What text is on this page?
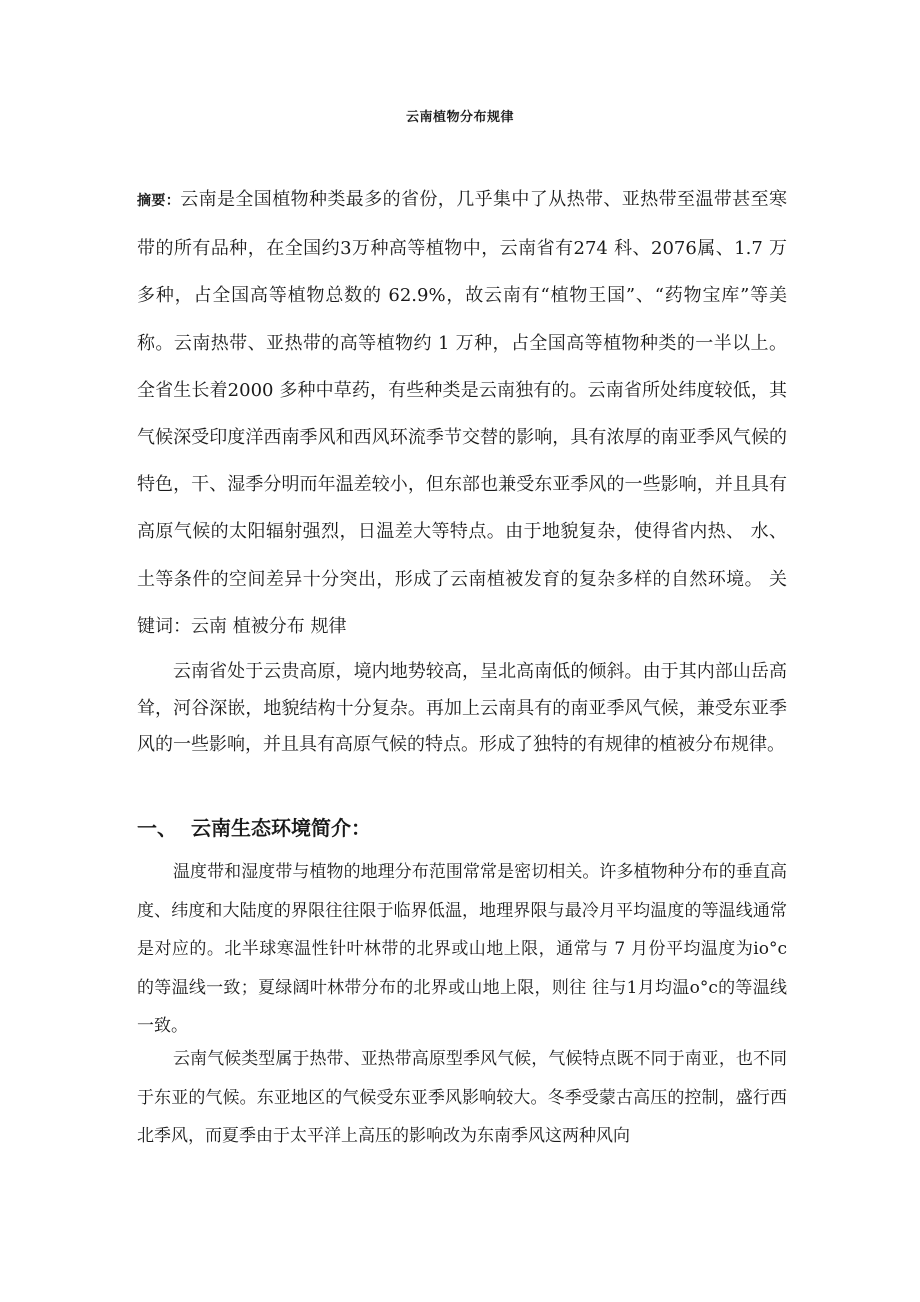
云南植物分布规律
摘要：云南是全国植物种类最多的省份，几乎集中了从热带、亚热带至温带甚至寒带的所有品种，在全国约3万种高等植物中，云南省有274 科、2076属、1.7 万多种，占全国高等植物总数的 62.9%，故云南有“植物王国”、“药物宝库”等美称。云南热带、亚热带的高等植物约 1 万种，占全国高等植物种类的一半以上。全省生长着2000 多种中草药，有些种类是云南独有的。云南省所处纬度较低，其气候深受印度洋西南季风和西风环流季节交替的影响，具有浓厚的南亚季风气候的特色，干、湿季分明而年温差较小，但东部也兼受东亚季风的一些影响，并且具有高原气候的太阳辐射强烈，日温差大等特点。由于地貌复杂，使得省内热、 水、土等条件的空间差异十分突出，形成了云南植被发育的复杂多样的自然环境。 关键词：云南 植被分布 规律

云南省处于云贵高原，境内地势较高，呈北高南低的倾斜。由于其内部山岳高耸，河谷深嵌，地貌结构十分复杂。再加上云南具有的南亚季风气候，兼受东亚季风的一些影响，并且具有高原气候的特点。形成了独特的有规律的植被分布规律。

一、 云南生态环境简介：

温度带和湿度带与植物的地理分布范围常常是密切相关。许多植物种分布的垂直高度、纬度和大陆度的界限往往限于临界低温，地理界限与最冷月平均温度的等温线通常是对应的。北半球寒温性针叶林带的北界或山地上限，通常与 7 月份平均温度为io°c的等温线一致；夏绿阔叶林带分布的北界或山地上限，则往 往与1月均温o°c的等温线一致。

云南气候类型属于热带、亚热带高原型季风气候，气候特点既不同于南亚，也不同于东亚的气候。东亚地区的气候受东亚季风影响较大。冬季受蒙古高压的控制，盛行西北季风，而夏季由于太平洋上高压的影响改为东南季风这两种风向
